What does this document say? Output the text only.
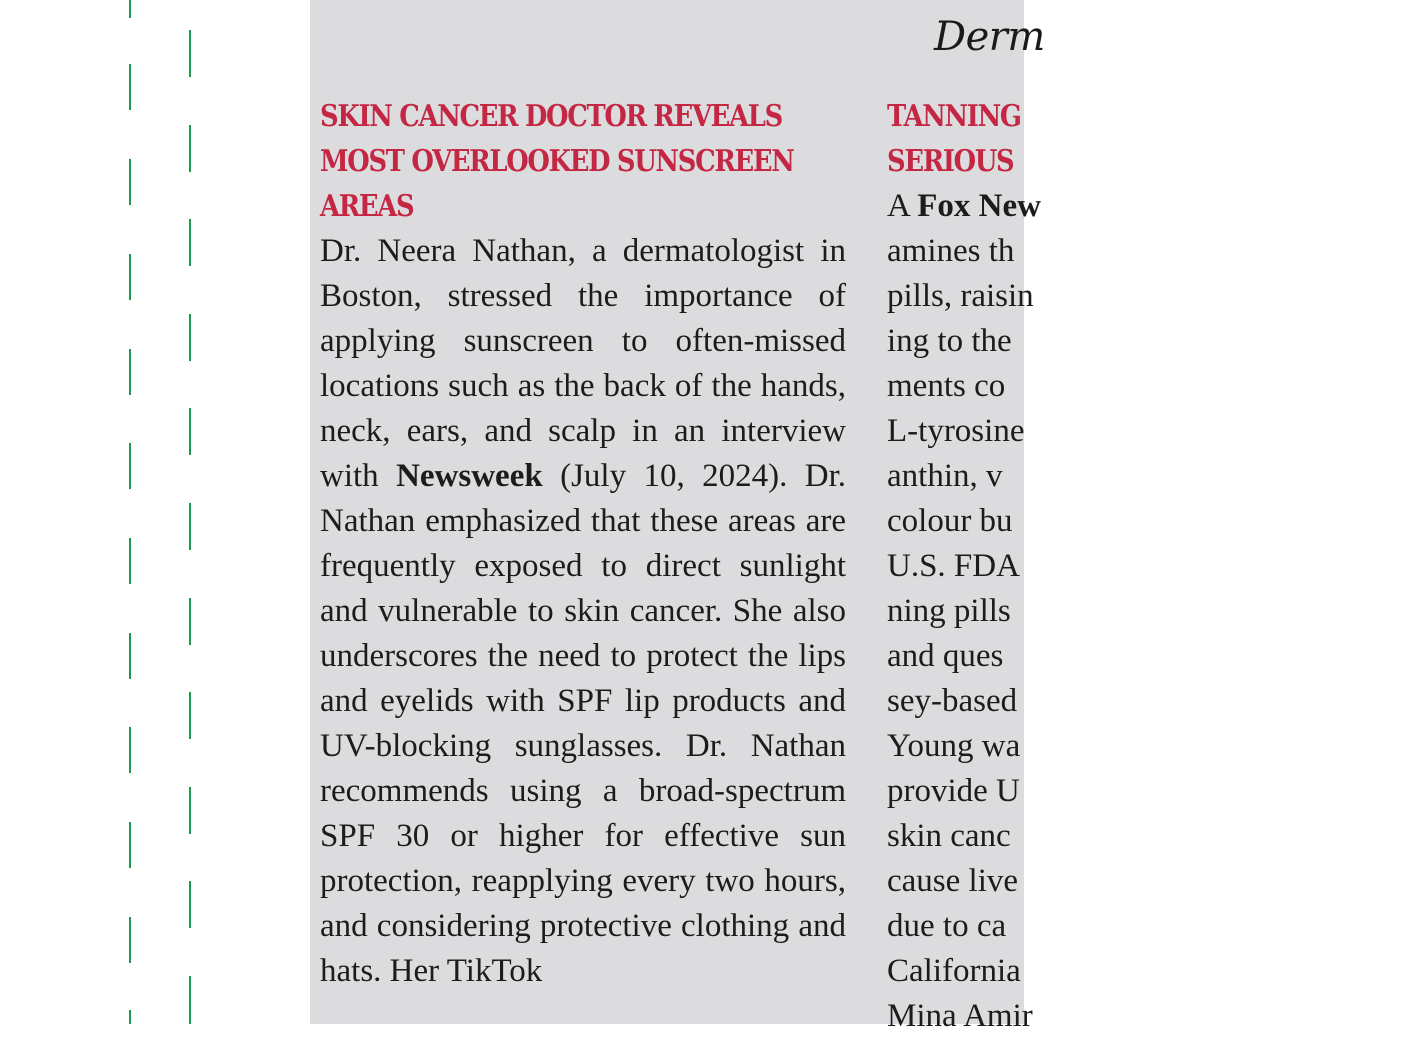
Derm
SKIN CANCER DOCTOR REVEALS MOST OVERLOOKED SUNSCREEN AREAS

Dr. Neera Nathan, a dermatologist in Boston, stressed the importance of applying sunscreen to often-missed locations such as the back of the hands, neck, ears, and scalp in an interview with Newsweek (July 10, 2024). Dr. Nathan emphasized that these areas are frequently exposed to direct sunlight and vulnerable to skin cancer. She also underscores the need to protect the lips and eyelids with SPF lip products and UV-blocking sunglasses. Dr. Nathan recommends using a broad-spectrum SPF 30 or higher for effective sun protection, reapplying every two hours, and considering protective clothing and hats. Her TikTok

TANNING
SERIOUS
A Fox New
amines th
pills, raisin
ing to the
ments co
L-tyrosine
anthin, v
colour bu
U.S. FDA
ning pills
and ques
sey-based
Young wa
provide U
skin canc
cause live
due to ca
California
Mina Amir
